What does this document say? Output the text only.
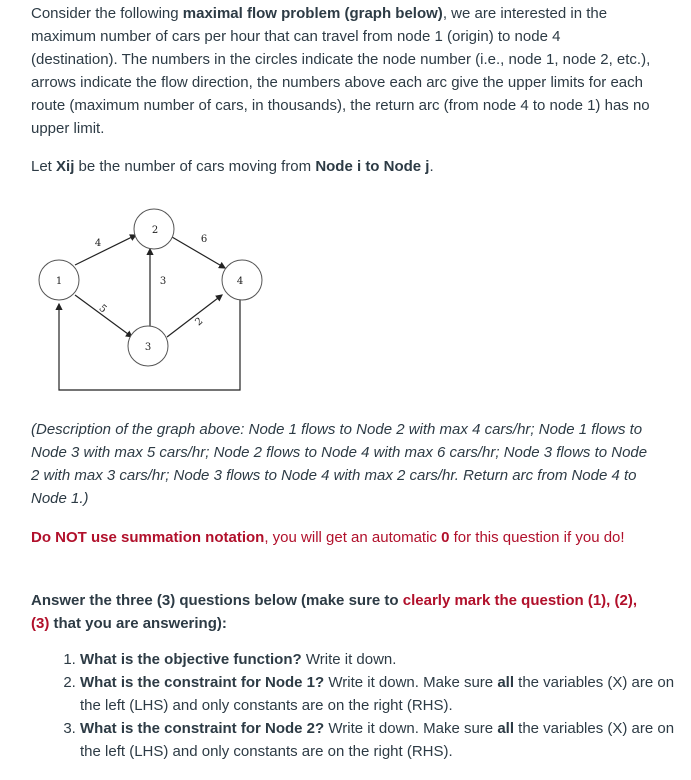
Consider the following maximal flow problem (graph below), we are interested in the maximum number of cars per hour that can travel from node 1 (origin) to node 4 (destination). The numbers in the circles indicate the node number (i.e., node 1, node 2, etc.), arrows indicate the flow direction, the numbers above each arc give the upper limits for each route (maximum number of cars, in thousands), the return arc (from node 4 to node 1) has no upper limit.

Let Xij be the number of cars moving from Node i to Node j.

1
2
3
4
4
5
6
3
2

(Description of the graph above: Node 1 flows to Node 2 with max 4 cars/hr; Node 1 flows to Node 3 with max 5 cars/hr; Node 2 flows to Node 4 with max 6 cars/hr; Node 3 flows to Node 2 with max 3 cars/hr; Node 3 flows to Node 4 with max 2 cars/hr. Return arc from Node 4 to Node 1.)

Do NOT use summation notation, you will get an automatic 0 for this question if you do!

Answer the three (3) questions below (make sure to clearly mark the question (1), (2), (3) that you are answering):

1. What is the objective function? Write it down.
2. What is the constraint for Node 1? Write it down. Make sure all the variables (X) are on the left (LHS) and only constants are on the right (RHS).
3. What is the constraint for Node 2? Write it down. Make sure all the variables (X) are on the left (LHS) and only constants are on the right (RHS).
